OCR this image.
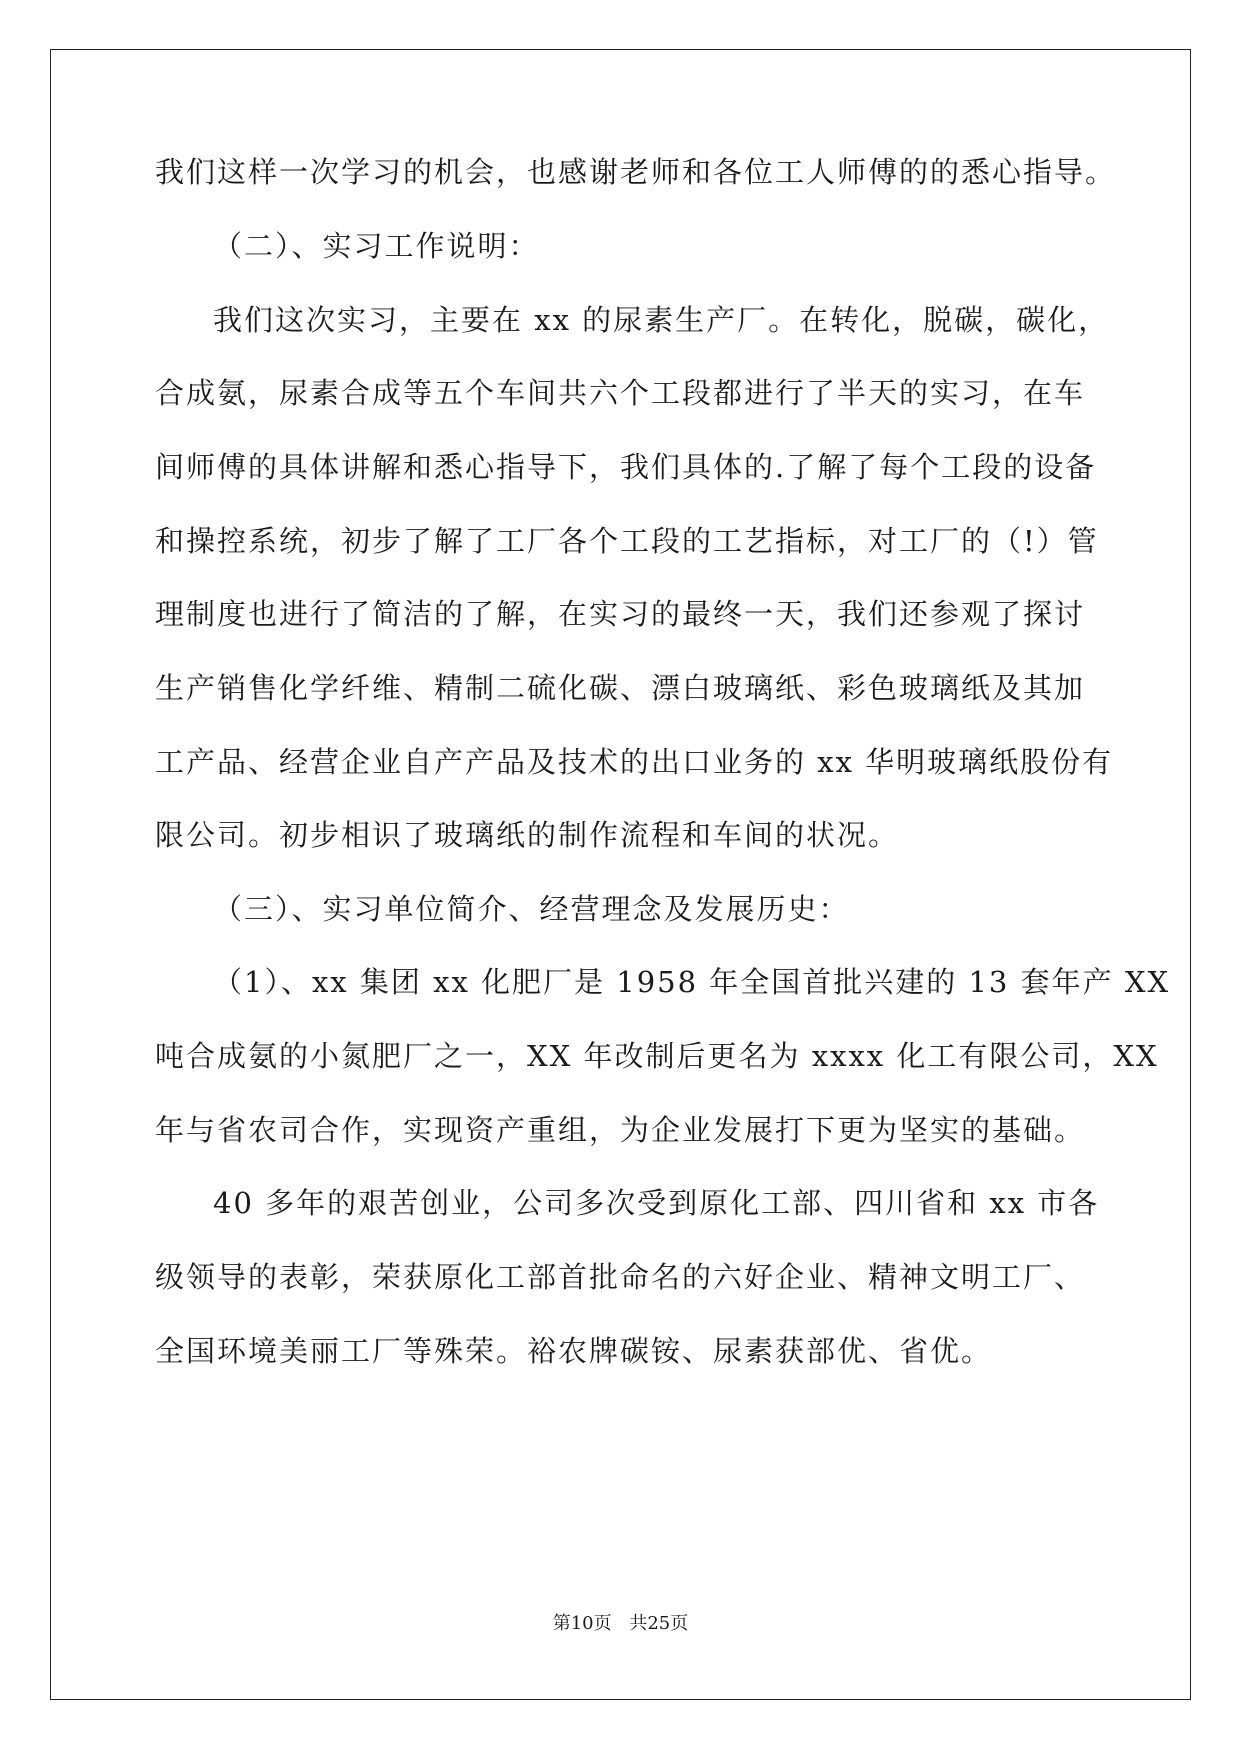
我们这样一次学习的机会，也感谢老师和各位工人师傅的的悉心指导。
（二）、实习工作说明：
我们这次实习，主要在 xx 的尿素生产厂。在转化，脱碳，碳化，
合成氨，尿素合成等五个车间共六个工段都进行了半天的实习，在车
间师傅的具体讲解和悉心指导下，我们具体的.了解了每个工段的设备
和操控系统，初步了解了工厂各个工段的工艺指标，对工厂的（!）管
理制度也进行了简洁的了解，在实习的最终一天，我们还参观了探讨
生产销售化学纤维、精制二硫化碳、漂白玻璃纸、彩色玻璃纸及其加
工产品、经营企业自产产品及技术的出口业务的 xx 华明玻璃纸股份有
限公司。初步相识了玻璃纸的制作流程和车间的状况。
（三）、实习单位简介、经营理念及发展历史：
（1）、xx 集团 xx 化肥厂是 1958 年全国首批兴建的 13 套年产 XX
吨合成氨的小氮肥厂之一，XX 年改制后更名为 xxxx 化工有限公司，XX
年与省农司合作，实现资产重组，为企业发展打下更为坚实的基础。
40 多年的艰苦创业，公司多次受到原化工部、四川省和 xx 市各
级领导的表彰，荣获原化工部首批命名的六好企业、精神文明工厂、
全国环境美丽工厂等殊荣。裕农牌碳铵、尿素获部优、省优。
第10页 共25页
